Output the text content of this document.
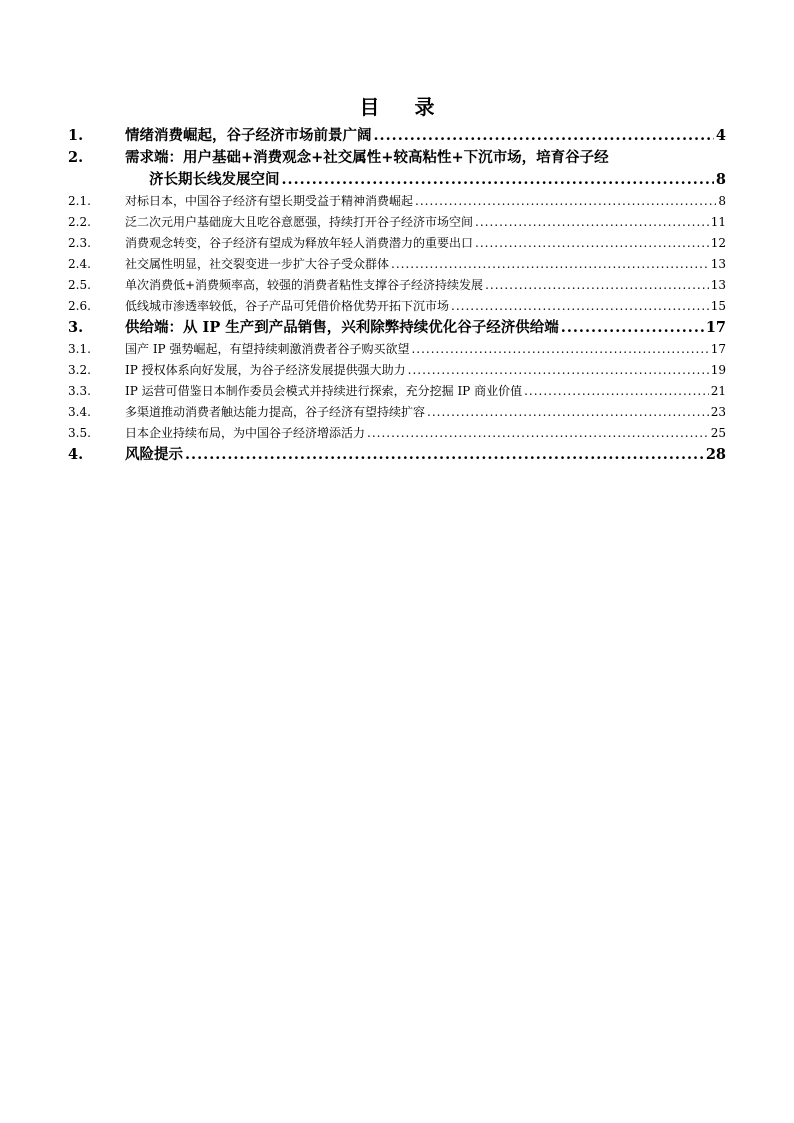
目 录
1.	情绪消费崛起，谷子经济市场前景广阔 .....	4
2.	需求端：用户基础+消费观念+社交属性+较高粘性+下沉市场，培育谷子经
济长期长线发展空间 .....	8
2.1.	对标日本，中国谷子经济有望长期受益于精神消费崛起 .....	8
2.2.	泛二次元用户基础庞大且吃谷意愿强，持续打开谷子经济市场空间 .....	11
2.3.	消费观念转变，谷子经济有望成为释放年轻人消费潜力的重要出口 .....	12
2.4.	社交属性明显，社交裂变进一步扩大谷子受众群体 .....	13
2.5.	单次消费低+消费频率高，较强的消费者粘性支撑谷子经济持续发展 .....	13
2.6.	低线城市渗透率较低，谷子产品可凭借价格优势开拓下沉市场 .....	15
3.	供给端：从 IP 生产到产品销售，兴利除弊持续优化谷子经济供给端 .....	17
3.1.	国产 IP 强势崛起，有望持续刺激消费者谷子购买欲望 .....	17
3.2.	IP 授权体系向好发展，为谷子经济发展提供强大助力 .....	19
3.3.	IP 运营可借鉴日本制作委员会模式并持续进行探索，充分挖掘 IP 商业价值 .....	21
3.4.	多渠道推动消费者触达能力提高，谷子经济有望持续扩容 .....	23
3.5.	日本企业持续布局，为中国谷子经济增添活力 .....	25
4.	风险提示 .....	28
